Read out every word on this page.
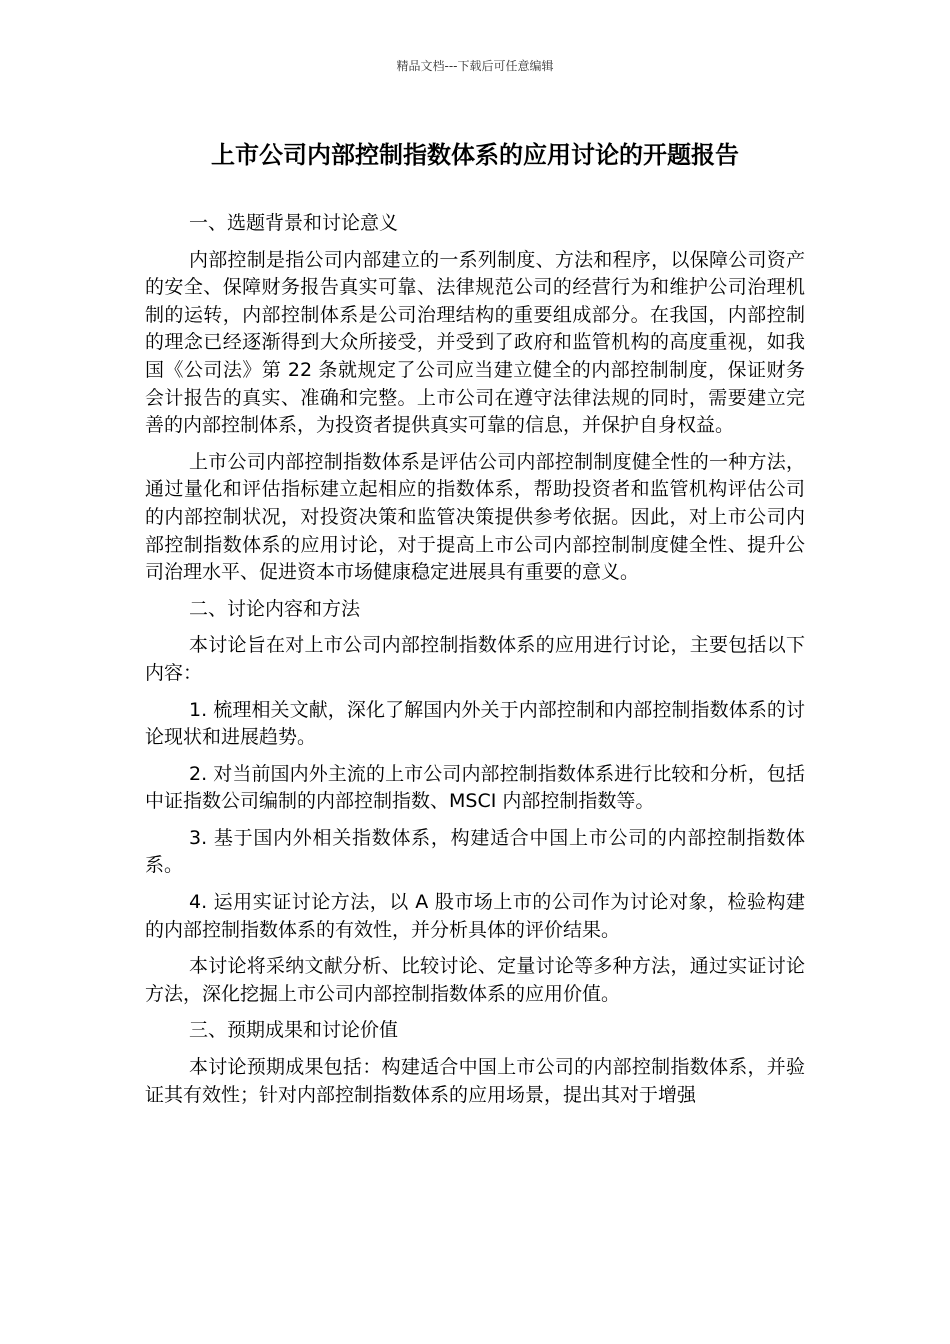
精品文档---下载后可任意编辑
上市公司内部控制指数体系的应用讨论的开题报告
一、选题背景和讨论意义

内部控制是指公司内部建立的一系列制度、方法和程序，以保障公司资产的安全、保障财务报告真实可靠、法律规范公司的经营行为和维护公司治理机制的运转，内部控制体系是公司治理结构的重要组成部分。在我国，内部控制的理念已经逐渐得到大众所接受，并受到了政府和监管机构的高度重视，如我国《公司法》第 22 条就规定了公司应当建立健全的内部控制制度，保证财务会计报告的真实、准确和完整。上市公司在遵守法律法规的同时，需要建立完善的内部控制体系，为投资者提供真实可靠的信息，并保护自身权益。

上市公司内部控制指数体系是评估公司内部控制制度健全性的一种方法，通过量化和评估指标建立起相应的指数体系，帮助投资者和监管机构评估公司的内部控制状况，对投资决策和监管决策提供参考依据。因此，对上市公司内部控制指数体系的应用讨论，对于提高上市公司内部控制制度健全性、提升公司治理水平、促进资本市场健康稳定进展具有重要的意义。

二、讨论内容和方法

本讨论旨在对上市公司内部控制指数体系的应用进行讨论，主要包括以下内容：

1. 梳理相关文献，深化了解国内外关于内部控制和内部控制指数体系的讨论现状和进展趋势。

2. 对当前国内外主流的上市公司内部控制指数体系进行比较和分析，包括中证指数公司编制的内部控制指数、MSCI 内部控制指数等。

3. 基于国内外相关指数体系，构建适合中国上市公司的内部控制指数体系。

4. 运用实证讨论方法，以 A 股市场上市的公司作为讨论对象，检验构建的内部控制指数体系的有效性，并分析具体的评价结果。

本讨论将采纳文献分析、比较讨论、定量讨论等多种方法，通过实证讨论方法，深化挖掘上市公司内部控制指数体系的应用价值。

三、预期成果和讨论价值

本讨论预期成果包括：构建适合中国上市公司的内部控制指数体系，并验证其有效性；针对内部控制指数体系的应用场景，提出其对于增强
